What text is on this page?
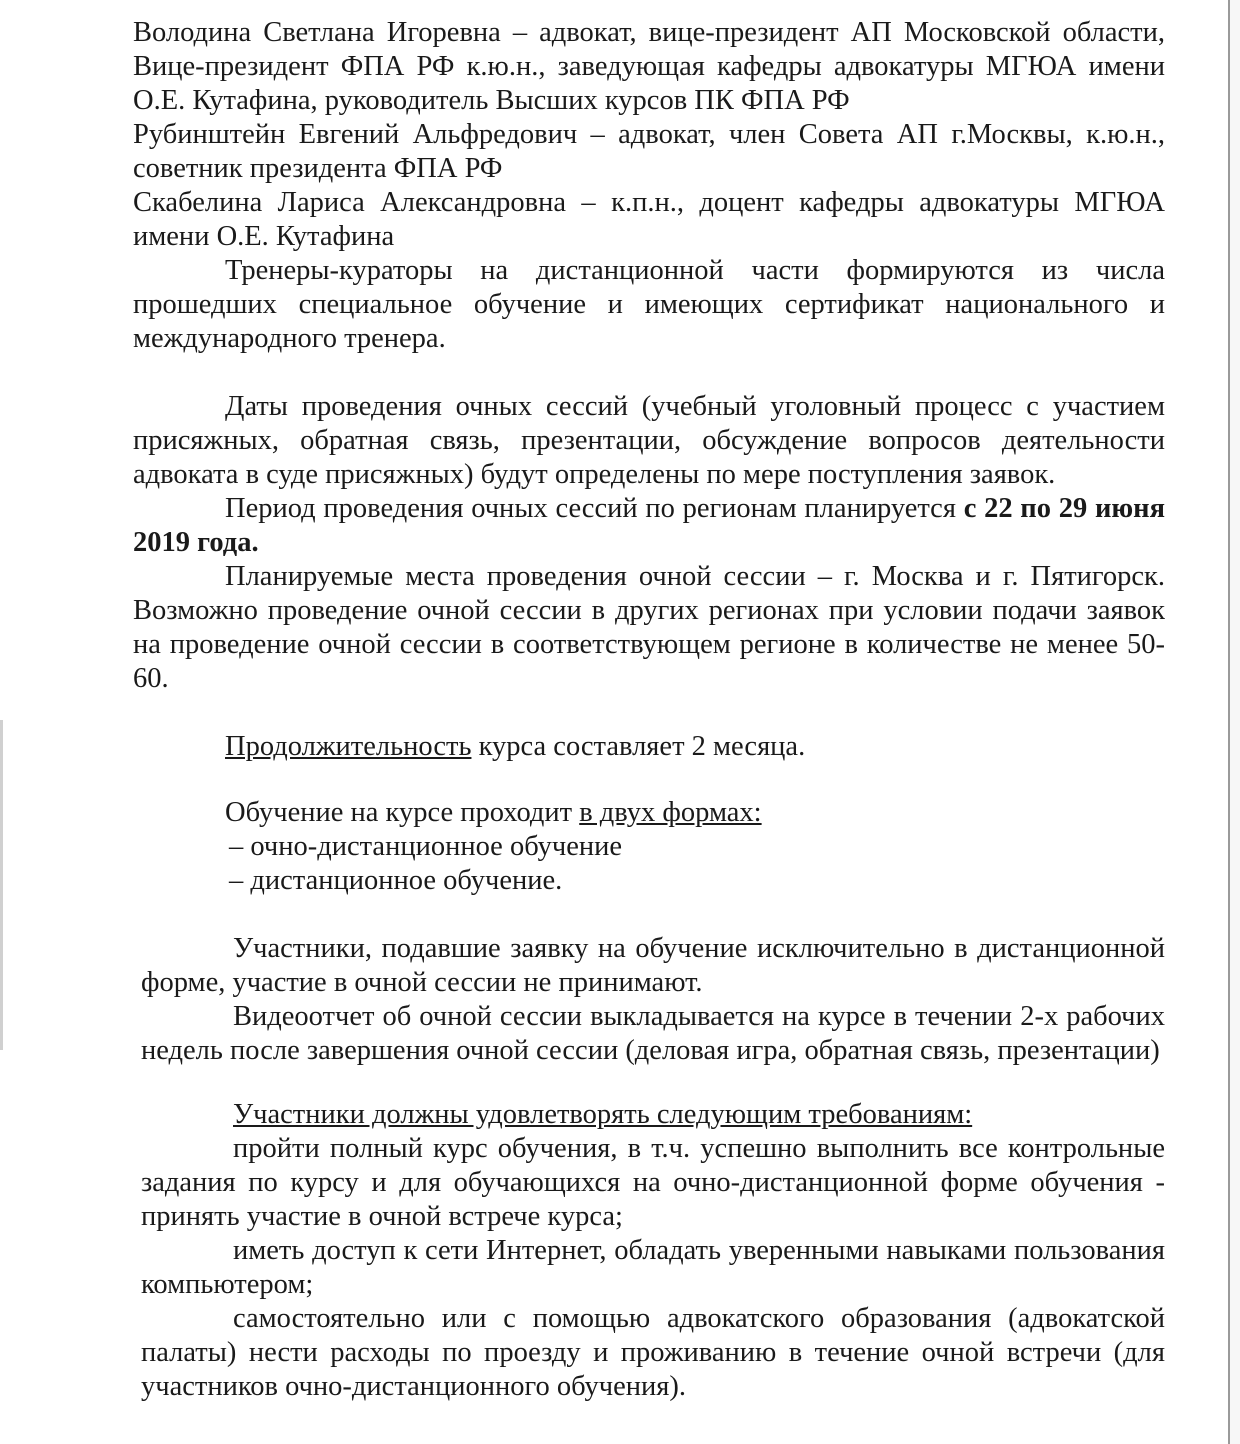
Володина Светлана Игоревна – адвокат, вице-президент АП Московской области, Вице-президент ФПА РФ к.ю.н., заведующая кафедры адвокатуры МГЮА имени О.Е. Кутафина, руководитель Высших курсов ПК ФПА РФ

Рубинштейн Евгений Альфредович – адвокат, член Совета АП г.Москвы, к.ю.н., советник президента ФПА РФ

Скабелина Лариса Александровна – к.п.н., доцент кафедры адвокатуры МГЮА имени О.Е. Кутафина

Тренеры-кураторы на дистанционной части формируются из числа прошедших специальное обучение и имеющих сертификат национального и международного тренера.

Даты проведения очных сессий (учебный уголовный процесс с участием присяжных, обратная связь, презентации, обсуждение вопросов деятельности адвоката в суде присяжных) будут определены по мере поступления заявок.

Период проведения очных сессий по регионам планируется с 22 по 29 июня 2019 года.

Планируемые места проведения очной сессии – г. Москва и г. Пятигорск. Возможно проведение очной сессии в других регионах при условии подачи заявок на проведение очной сессии в соответствующем регионе в количестве не менее 50-60.

Продолжительность курса составляет 2 месяца.

Обучение на курсе проходит в двух формах:

– очно-дистанционное обучение

– дистанционное обучение.

Участники, подавшие заявку на обучение исключительно в дистанционной форме, участие в очной сессии не принимают.

Видеоотчет об очной сессии выкладывается на курсе в течении 2-х рабочих недель после завершения очной сессии (деловая игра, обратная связь, презентации)

Участники должны удовлетворять следующим требованиям:

пройти полный курс обучения, в т.ч. успешно выполнить все контрольные задания по курсу и для обучающихся на очно-дистанционной форме обучения - принять участие в очной встрече курса;

иметь доступ к сети Интернет, обладать уверенными навыками пользования компьютером;

самостоятельно или с помощью адвокатского образования (адвокатской палаты) нести расходы по проезду и проживанию в течение очной встречи (для участников очно-дистанционного обучения).
